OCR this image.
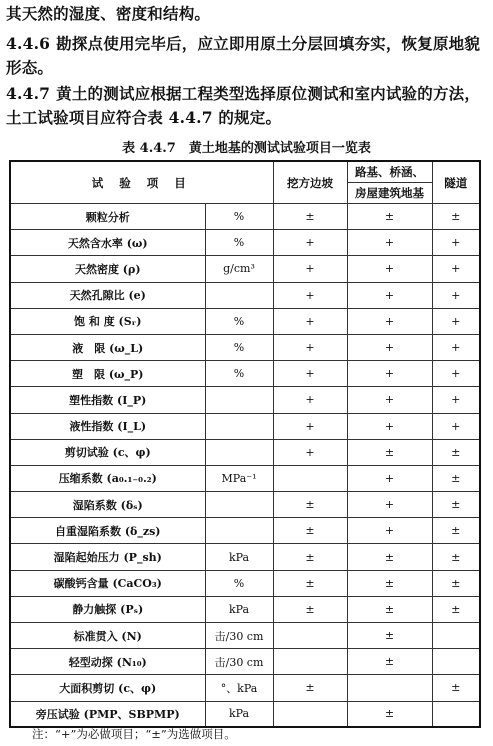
其天然的湿度、密度和结构。
4.4.6 勘探点使用完毕后，应立即用原土分层回填夯实，恢复原地貌形态。
4.4.7 黄土的测试应根据工程类型选择原位测试和室内试验的方法，土工试验项目应符合表 4.4.7 的规定。
表 4.4.7　黄土地基的测试试验项目一览表
试 验 项 目		挖方边坡	路基、桥涵、	隧道
			房屋建筑地基	
颗粒分析	%	±	±	±
天然含水率 (ω)	%	+	+	+
天然密度 (ρ)	g/cm³	+	+	+
天然孔隙比 (e)		+	+	+
饱 和 度 (Sᵣ)	%	+	+	+
液　限 (ω_L)	%	+	+	+
塑　限 (ω_P)	%	+	+	+
塑性指数 (I_P)		+	+	+
液性指数 (I_L)		+	+	+
剪切试验 (c、φ)		+	±	±
压缩系数 (a₀.₁₋₀.₂)	MPa⁻¹		+	±
湿陷系数 (δₛ)		±	+	±
自重湿陷系数 (δ_zs)		±	+	±
湿陷起始压力 (P_sh)	kPa	±	±	±
碳酸钙含量 (CaCO₃)	%	±	±	±
静力触探 (Pₛ)	kPa	±	±	±
标准贯入 (N)	击/30 cm		±	
轻型动探 (N₁₀)	击/30 cm		±	
大面积剪切 (c、φ)	°、kPa	±		±
旁压试验 (PMP、SBPMP)	kPa		±	
注：“+”为必做项目；“±”为选做项目。
